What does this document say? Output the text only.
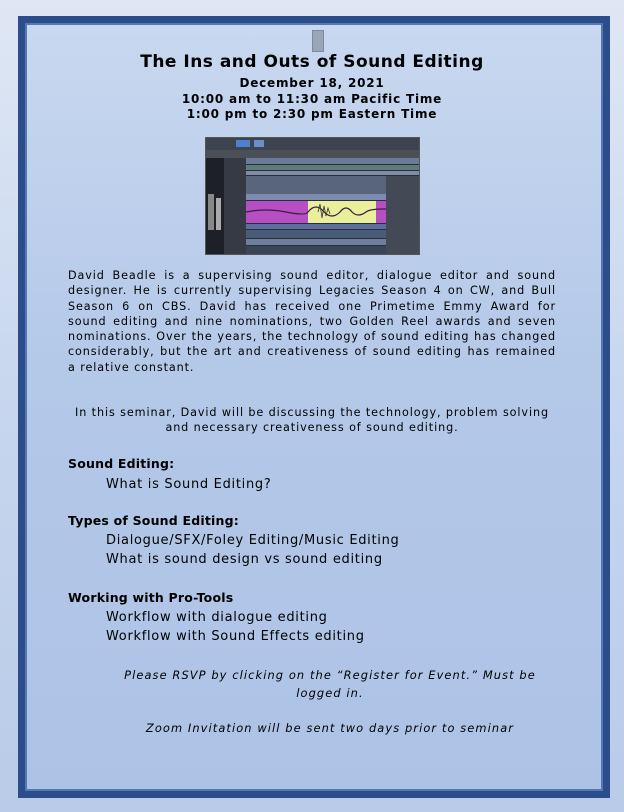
The Ins and Outs of Sound Editing
December 18, 2021
10:00 am to 11:30 am Pacific Time
1:00 pm to 2:30 pm Eastern Time
David Beadle is a supervising sound editor, dialogue editor and sound designer. He is currently supervising Legacies Season 4 on CW, and Bull Season 6 on CBS. David has received one Primetime Emmy Award for sound editing and nine nominations, two Golden Reel awards and seven nominations. Over the years, the technology of sound editing has changed considerably, but the art and creativeness of sound editing has remained a relative constant.
In this seminar, David will be discussing the technology, problem solving and necessary creativeness of sound editing.
Sound Editing:
What is Sound Editing?
Types of Sound Editing:
Dialogue/SFX/Foley Editing/Music Editing
What is sound design vs sound editing
Working with Pro-Tools
Workflow with dialogue editing
Workflow with Sound Effects editing
Please RSVP by clicking on the “Register for Event.” Must be logged in.
Zoom Invitation will be sent two days prior to seminar
